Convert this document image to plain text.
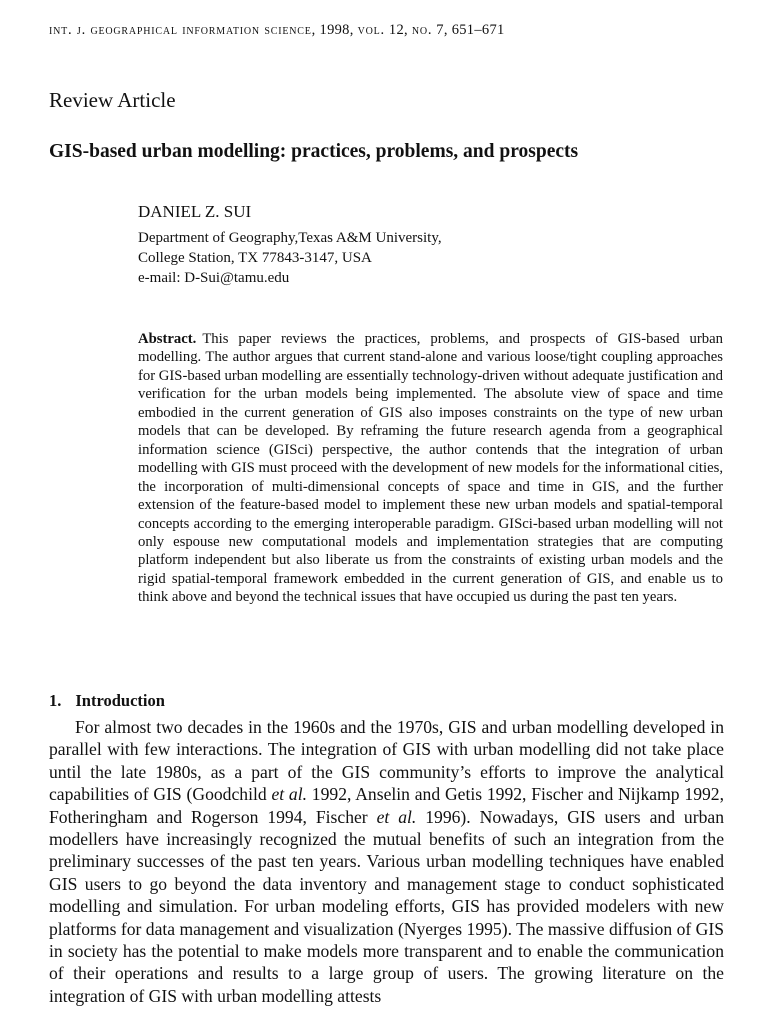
int. j. geographical information science, 1998, vol. 12, no. 7, 651–671
Review Article
GIS-based urban modelling: practices, problems, and prospects
DANIEL Z. SUI
Department of Geography,Texas A&M University,
College Station, TX 77843-3147, USA
e-mail: D-Sui@tamu.edu

Abstract. This paper reviews the practices, problems, and prospects of GIS-based urban modelling. The author argues that current stand-alone and various loose/tight coupling approaches for GIS-based urban modelling are essentially technology-driven without adequate justification and verification for the urban models being implemented. The absolute view of space and time embodied in the current generation of GIS also imposes constraints on the type of new urban models that can be developed. By reframing the future research agenda from a geographical information science (GISci) perspective, the author contends that the integration of urban modelling with GIS must proceed with the development of new models for the informational cities, the incorporation of multi-dimensional concepts of space and time in GIS, and the further extension of the feature-based model to implement these new urban models and spatial-temporal concepts according to the emerging interoperable paradigm. GISci-based urban modelling will not only espouse new computational models and implementation strategies that are computing platform independent but also liberate us from the constraints of existing urban models and the rigid spatial-temporal framework embedded in the current generation of GIS, and enable us to think above and beyond the technical issues that have occupied us during the past ten years.

1. Introduction

For almost two decades in the 1960s and the 1970s, GIS and urban modelling developed in parallel with few interactions. The integration of GIS with urban modelling did not take place until the late 1980s, as a part of the GIS community’s efforts to improve the analytical capabilities of GIS (Goodchild et al. 1992, Anselin and Getis 1992, Fischer and Nijkamp 1992, Fotheringham and Rogerson 1994, Fischer et al. 1996). Nowadays, GIS users and urban modellers have increasingly recognized the mutual benefits of such an integration from the preliminary successes of the past ten years. Various urban modelling techniques have enabled GIS users to go beyond the data inventory and management stage to conduct sophisticated modelling and simulation. For urban modeling efforts, GIS has provided modelers with new platforms for data management and visualization (Nyerges 1995). The massive diffusion of GIS in society has the potential to make models more transparent and to enable the communication of their operations and results to a large group of users. The growing literature on the integration of GIS with urban modelling attests
